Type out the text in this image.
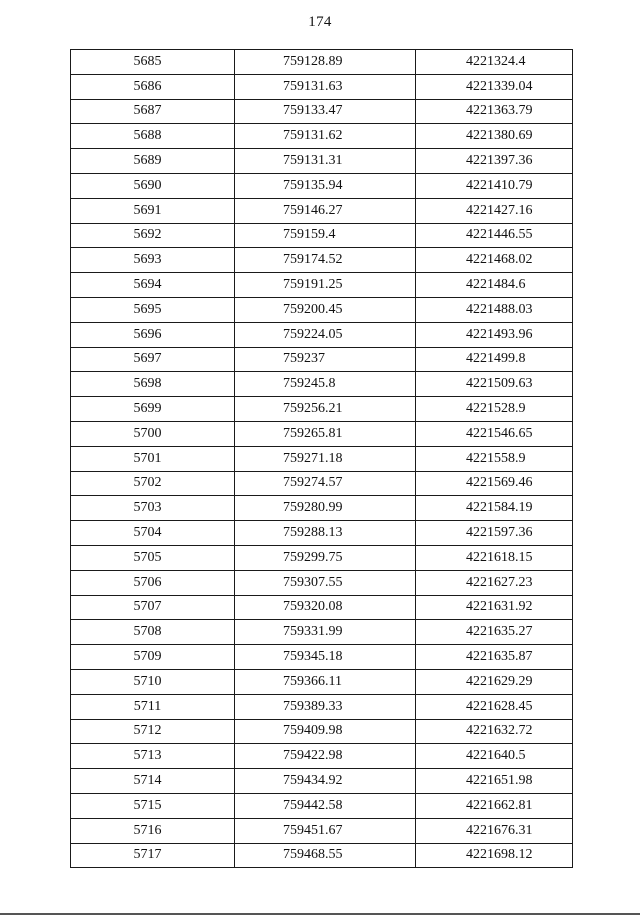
174
5685	759128.89	4221324.4
5686	759131.63	4221339.04
5687	759133.47	4221363.79
5688	759131.62	4221380.69
5689	759131.31	4221397.36
5690	759135.94	4221410.79
5691	759146.27	4221427.16
5692	759159.4	4221446.55
5693	759174.52	4221468.02
5694	759191.25	4221484.6
5695	759200.45	4221488.03
5696	759224.05	4221493.96
5697	759237	4221499.8
5698	759245.8	4221509.63
5699	759256.21	4221528.9
5700	759265.81	4221546.65
5701	759271.18	4221558.9
5702	759274.57	4221569.46
5703	759280.99	4221584.19
5704	759288.13	4221597.36
5705	759299.75	4221618.15
5706	759307.55	4221627.23
5707	759320.08	4221631.92
5708	759331.99	4221635.27
5709	759345.18	4221635.87
5710	759366.11	4221629.29
5711	759389.33	4221628.45
5712	759409.98	4221632.72
5713	759422.98	4221640.5
5714	759434.92	4221651.98
5715	759442.58	4221662.81
5716	759451.67	4221676.31
5717	759468.55	4221698.12
